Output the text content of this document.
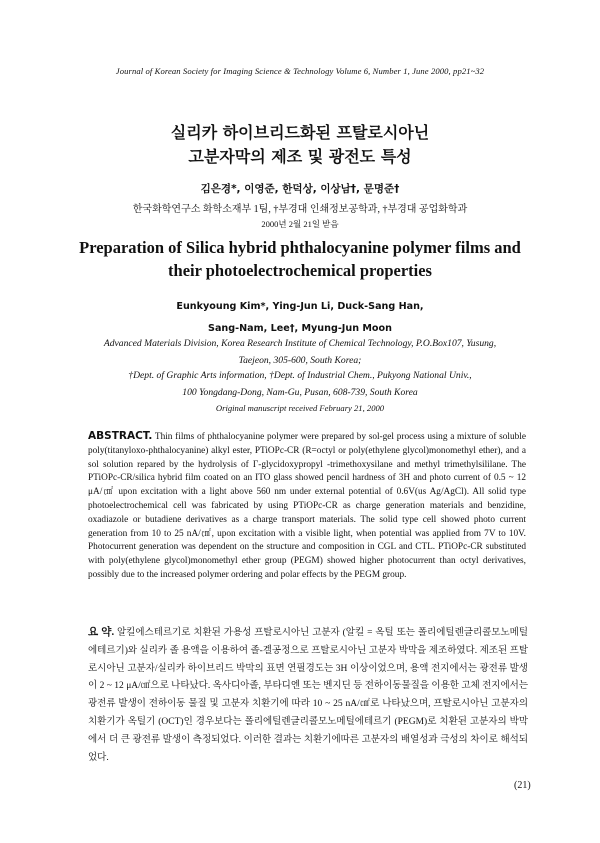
Journal of Korean Society for Imaging Science & Technology Volume 6, Number 1, June 2000, pp21~32
실리카 하이브리드화된 프탈로시아닌
고분자막의 제조 및 광전도 특성
김은경*, 이영준, 한덕상, 이상남†, 문명준†
한국화학연구소 화학소재부 1팀, †부경대 인쇄정보공학과, †부경대 공업화학과
2000년 2월 21일 받음
Preparation of Silica hybrid phthalocyanine polymer films and
their photoelectrochemical properties
Eunkyoung Kim*, Ying-Jun Li, Duck-Sang Han,
Sang-Nam, Lee†, Myung-Jun Moon
Advanced Materials Division, Korea Research Institute of Chemical Technology, P.O.Box107, Yusung,
Taejeon, 305-600, South Korea;
†Dept. of Graphic Arts information, †Dept. of Industrial Chem., Pukyong National Univ.,
100 Yongdang-Dong, Nam-Gu, Pusan, 608-739, South Korea
Original manuscript received February 21, 2000
ABSTRACT. Thin films of phthalocyanine polymer were prepared by sol-gel process using a mixture of soluble poly(titanyloxo-phthalocyanine) alkyl ester, PTiOPc-CR (R=octyl or poly(ethylene glycol)monomethyl ether), and a sol solution repared by the hydrolysis of Γ-glycidoxypropyl -trimethoxysilane and methyl trimethylsililane. The PTiOPc-CR/silica hybrid film coated on an ITO glass showed pencil hardness of 3H and photo current of 0.5 ~ 12 μA/㎠ upon excitation with a light above 560 nm under external potential of 0.6V(us Ag/AgCl). All solid type photoelectrochemical cell was fabricated by using PTiOPc-CR as charge generation materials and benzidine, oxadiazole or butadiene derivatives as a charge transport materials. The solid type cell showed photo current generation from 10 to 25 nA/㎠, upon excitation with a visible light, when potential was applied from 7V to 10V. Photocurrent generation was dependent on the structure and composition in CGL and CTL. PTiOPc-CR substituted with poly(ethylene glycol)monomethyl ether group (PEGM) showed higher photocurrent than octyl derivatives, possibly due to the increased polymer ordering and polar effects by the PEGM group.
요 약. 알킬에스테르기로 치환된 가용성 프탈로시아닌 고분자 (알킬 = 옥틸 또는 폴리에틸렌글리콜모노메틸에테르기)와 실리카 졸 용액을 이용하여 졸-겔공정으로 프탈로시아닌 고분자 박막을 제조하였다. 제조된 프탈로시아닌 고분자/실리카 하이브리드 박막의 표면 연필경도는 3H 이상이었으며, 용액 전지에서는 광전류 발생이 2 ~ 12 μA/㎠으로 나타났다. 옥사디아졸, 부타디엔 또는 벤지딘 등 전하이동물질을 이용한 고체 전지에서는 광전류 발생이 전하이동 물질 및 고분자 치환기에 따라 10 ~ 25 nA/㎠로 나타났으며, 프탈로시아닌 고분자의 치환기가 옥틸기 (OCT)인 경우보다는 폴리에틸렌글리콜모노메틸에테르기 (PEGM)로 치환된 고분자의 박막에서 더 큰 광전류 발생이 측정되었다. 이러한 결과는 치환기에따른 고분자의 배열성과 극성의 차이로 해석되었다.
(21)
